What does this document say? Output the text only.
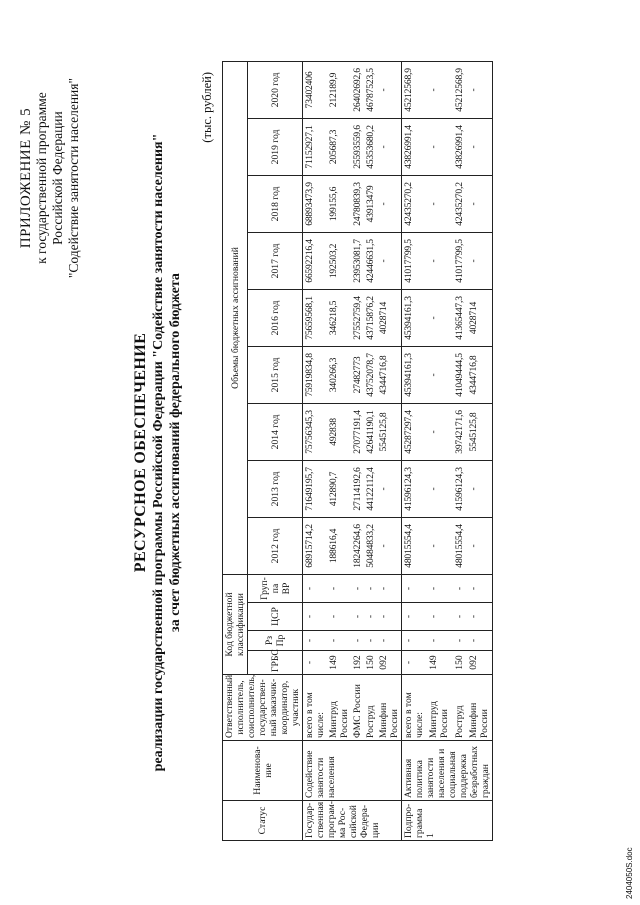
ПРИЛОЖЕНИЕ № 5 к государственной программе Российской Федерации "Содействие занятости населения"
РЕСУРСНОЕ ОБЕСПЕЧЕНИЕ реализации государственной программы Российской Федерации "Содействие занятости населения" за счет бюджетных ассигнований федерального бюджета
(тыс. рублей)
Статус	Наименова-ние	Ответственный исполнитель, соисполнитель, государствен-ный заказчик-координатор, участник	Код бюджетной классификации				Объемы бюджетных ассигнований								
			ГРБС	Рз Пр	ЦСР	Груп-па ВР	2012 год	2013 год	2014 год	2015 год	2016 год	2017 год	2018 год	2019 год	2020 год

Государ-ственная програм-ма Рос-сийской Федера-ции	Содействие занятости населения	всего в том числе:	-	-	-	-	68915714,2	71649195,7	75756345,3	75919834,8	75659568,1	66592216,4	68893473,9	71152927,1	73402406
		Минтруд России	149	-	-	-	188616,4	412890,7	492838	340266,3	346218,5	192503,2	199155,6	205687,3	212189,9
		ФМС России	192	-	-	-	18242264,6	27114192,6	27077191,4	27482773	27552759,4	23953081,7	24780839,3	25593559,6	26402692,6
		Роструд	150	-	-	-	50484833,2	44122112,4	42641190,1	43752078,7	43715876,2	42446631,5	43913479	45353680,2	46787523,5
		Минфин России	092	-	-	-	-	-	5545125,8	4344716,8	4028714	-	-	-	-
Подпро-грамма 1	Активная политика занятости населения и социальная поддержка безработных граждан	всего в том числе:	-	-	-	-	48015554,4	41596124,3	45287297,4	45394161,3	45394161,3	41017799,5	42435270,2	43826991,4	45212568,9
		Минтруд России	149	-	-	-	-	-	-	-	-	-	-	-	-
		Роструд	150	-	-	-	48015554,4	41596124,3	39742171,6	41049444,5	41365447,3	41017799,5	42435270,2	43826991,4	45212568,9
		Минфин России	092	-	-	-	-	-	5545125,8	4344716,8	4028714	-	-	-	-
2404050S.doc
